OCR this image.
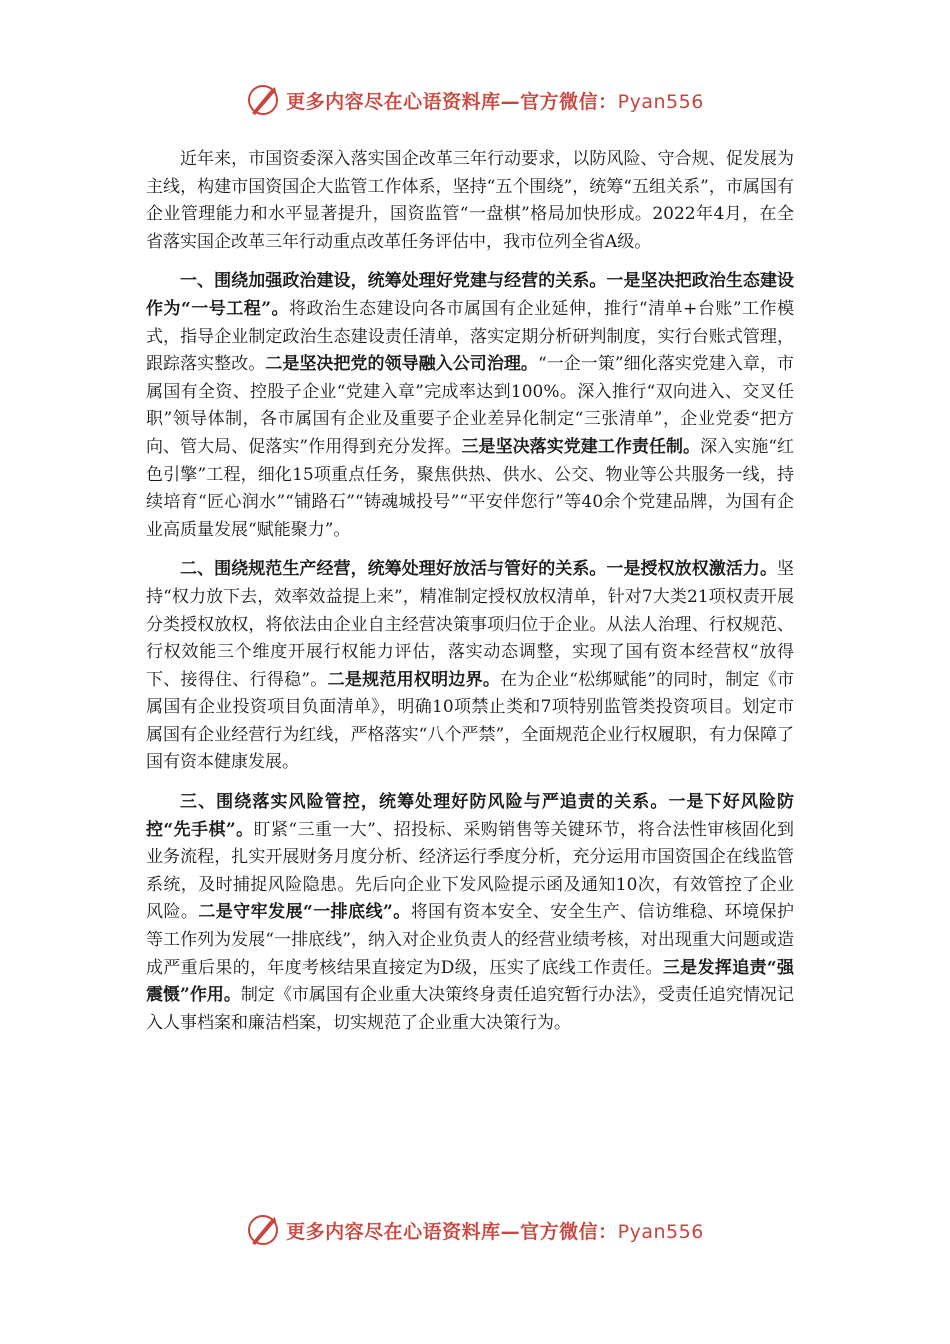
更多内容尽在心语资料库—官方微信：Pyan556

近年来，市国资委深入落实国企改革三年行动要求，以防风险、守合规、促发展为主线，构建市国资国企大监管工作体系，坚持“五个围绕”，统筹“五组关系”，市属国有企业管理能力和水平显著提升，国资监管“一盘棋”格局加快形成。2022年4月，在全省落实国企改革三年行动重点改革任务评估中，我市位列全省A级。

一、围绕加强政治建设，统筹处理好党建与经营的关系。一是坚决把政治生态建设作为“一号工程”。将政治生态建设向各市属国有企业延伸，推行“清单+台账”工作模式，指导企业制定政治生态建设责任清单，落实定期分析研判制度，实行台账式管理，跟踪落实整改。二是坚决把党的领导融入公司治理。“一企一策”细化落实党建入章，市属国有全资、控股子企业“党建入章”完成率达到100%。深入推行“双向进入、交叉任职”领导体制，各市属国有企业及重要子企业差异化制定“三张清单”，企业党委“把方向、管大局、促落实”作用得到充分发挥。三是坚决落实党建工作责任制。深入实施“红色引擎”工程，细化15项重点任务，聚焦供热、供水、公交、物业等公共服务一线，持续培育“匠心润水”“铺路石”“铸魂城投号”“平安伴您行”等40余个党建品牌，为国有企业高质量发展“赋能聚力”。

二、围绕规范生产经营，统筹处理好放活与管好的关系。一是授权放权激活力。坚持“权力放下去，效率效益提上来”，精准制定授权放权清单，针对7大类21项权责开展分类授权放权，将依法由企业自主经营决策事项归位于企业。从法人治理、行权规范、行权效能三个维度开展行权能力评估，落实动态调整，实现了国有资本经营权“放得下、接得住、行得稳”。二是规范用权明边界。在为企业“松绑赋能”的同时，制定《市属国有企业投资项目负面清单》，明确10项禁止类和7项特别监管类投资项目。划定市属国有企业经营行为红线，严格落实“八个严禁”，全面规范企业行权履职，有力保障了国有资本健康发展。

三、围绕落实风险管控，统筹处理好防风险与严追责的关系。一是下好风险防控“先手棋”。盯紧“三重一大”、招投标、采购销售等关键环节，将合法性审核固化到业务流程，扎实开展财务月度分析、经济运行季度分析，充分运用市国资国企在线监管系统，及时捕捉风险隐患。先后向企业下发风险提示函及通知10次，有效管控了企业风险。二是守牢发展“一排底线”。将国有资本安全、安全生产、信访维稳、环境保护等工作列为发展“一排底线”，纳入对企业负责人的经营业绩考核，对出现重大问题或造成严重后果的，年度考核结果直接定为D级，压实了底线工作责任。三是发挥追责“强震慑”作用。制定《市属国有企业重大决策终身责任追究暂行办法》，受责任追究情况记入人事档案和廉洁档案，切实规范了企业重大决策行为。

更多内容尽在心语资料库—官方微信：Pyan556
